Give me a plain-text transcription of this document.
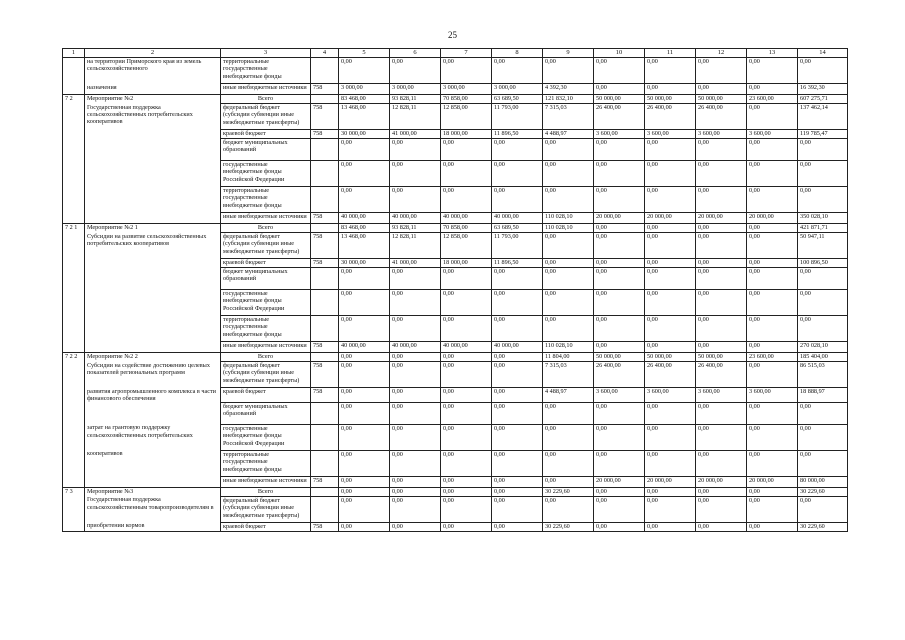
25
1	2	3	4	5	6	7	8	9	10	11	12	13	14

	на территории Приморского края из земель сельскохозяйственного	территориальные государственные внебюджетные фонды		0,00	0,00	0,00	0,00	0,00	0,00	0,00	0,00	0,00	0,00

	назначения	иные внебюджетные источники	758	3 000,00	3 000,00	3 000,00	3 000,00	4 392,30	0,00	0,00	0,00	0,00	16 392,30
7 2	Мероприятие №2	Всего		83 468,00	93 828,11	70 858,00	63 689,50	121 832,10	50 000,00	50 000,00	50 000,00	23 600,00	607 275,71

	Государственная поддержка сельскохозяйственных потребительских кооперативов	федеральный бюджет (субсидии субвенции иные межбюджетные трансферты)	758	13 468,00	12 828,11	12 858,00	11 793,00	7 315,03	26 400,00	26 400,00	26 400,00	0,00	137 462,14
		краевой бюджет	758	30 000,00	41 000,00	18 000,00	11 896,50	4 488,97	3 600,00	3 600,00	3 600,00	3 600,00	119 785,47
		бюджет муниципальных образований		0,00	0,00	0,00	0,00	0,00	0,00	0,00	0,00	0,00	0,00
		государственные внебюджетные фонды Российской Федерации		0,00	0,00	0,00	0,00	0,00	0,00	0,00	0,00	0,00	0,00
		территориальные государственные внебюджетные фонды		0,00	0,00	0,00	0,00	0,00	0,00	0,00	0,00	0,00	0,00
		иные внебюджетные источники	758	40 000,00	40 000,00	40 000,00	40 000,00	110 028,10	20 000,00	20 000,00	20 000,00	20 000,00	350 028,10
7 2 1	Мероприятие №2 1	Всего		83 468,00	93 828,11	70 858,00	63 689,50	110 028,10	0,00	0,00	0,00	0,00	421 871,71

	Субсидии на развитие сельскохозяйственных потребительских кооперативов	федеральный бюджет (субсидии субвенции иные межбюджетные трансферты)	758	13 468,00	12 828,11	12 858,00	11 793,00	0,00	0,00	0,00	0,00	0,00	50 947,11
		краевой бюджет	758	30 000,00	41 000,00	18 000,00	11 896,50	0,00	0,00	0,00	0,00	0,00	100 896,50
		бюджет муниципальных образований		0,00	0,00	0,00	0,00	0,00	0,00	0,00	0,00	0,00	0,00
		государственные внебюджетные фонды Российской Федерации		0,00	0,00	0,00	0,00	0,00	0,00	0,00	0,00	0,00	0,00
		территориальные государственные внебюджетные фонды		0,00	0,00	0,00	0,00	0,00	0,00	0,00	0,00	0,00	0,00
		иные внебюджетные источники	758	40 000,00	40 000,00	40 000,00	40 000,00	110 028,10	0,00	0,00	0,00	0,00	270 028,10
7 2 2	Мероприятие №2 2	Всего		0,00	0,00	0,00	0,00	11 804,00	50 000,00	50 000,00	50 000,00	23 600,00	185 404,00

	Субсидии на содействие достижению целевых показателей региональных программ	федеральный бюджет (субсидии субвенции иные межбюджетные трансферты)	758	0,00	0,00	0,00	0,00	7 315,03	26 400,00	26 400,00	26 400,00	0,00	86 515,03

	развития агропромышленного комплекса в части финансового обеспечения	краевой бюджет	758	0,00	0,00	0,00	0,00	4 488,97	3 600,00	3 600,00	3 600,00	3 600,00	18 888,97
		бюджет муниципальных образований		0,00	0,00	0,00	0,00	0,00	0,00	0,00	0,00	0,00	0,00

	затрат на грантовую поддержку сельскохозяйственных потребительских	государственные внебюджетные фонды Российской Федерации		0,00	0,00	0,00	0,00	0,00	0,00	0,00	0,00	0,00	0,00

	кооперативов	территориальные государственные внебюджетные фонды		0,00	0,00	0,00	0,00	0,00	0,00	0,00	0,00	0,00	0,00
		иные внебюджетные источники	758	0,00	0,00	0,00	0,00	0,00	20 000,00	20 000,00	20 000,00	20 000,00	80 000,00
7 3	Мероприятие №3	Всего		0,00	0,00	0,00	0,00	30 229,60	0,00	0,00	0,00	0,00	30 229,60

	Государственная поддержка сельскохозяйственным товаропроизводителям в	федеральный бюджет (субсидии субвенции иные межбюджетные трансферты)		0,00	0,00	0,00	0,00	0,00	0,00	0,00	0,00	0,00	0,00

	приобретении кормов	краевой бюджет	758	0,00	0,00	0,00	0,00	30 229,60	0,00	0,00	0,00	0,00	30 229,60
